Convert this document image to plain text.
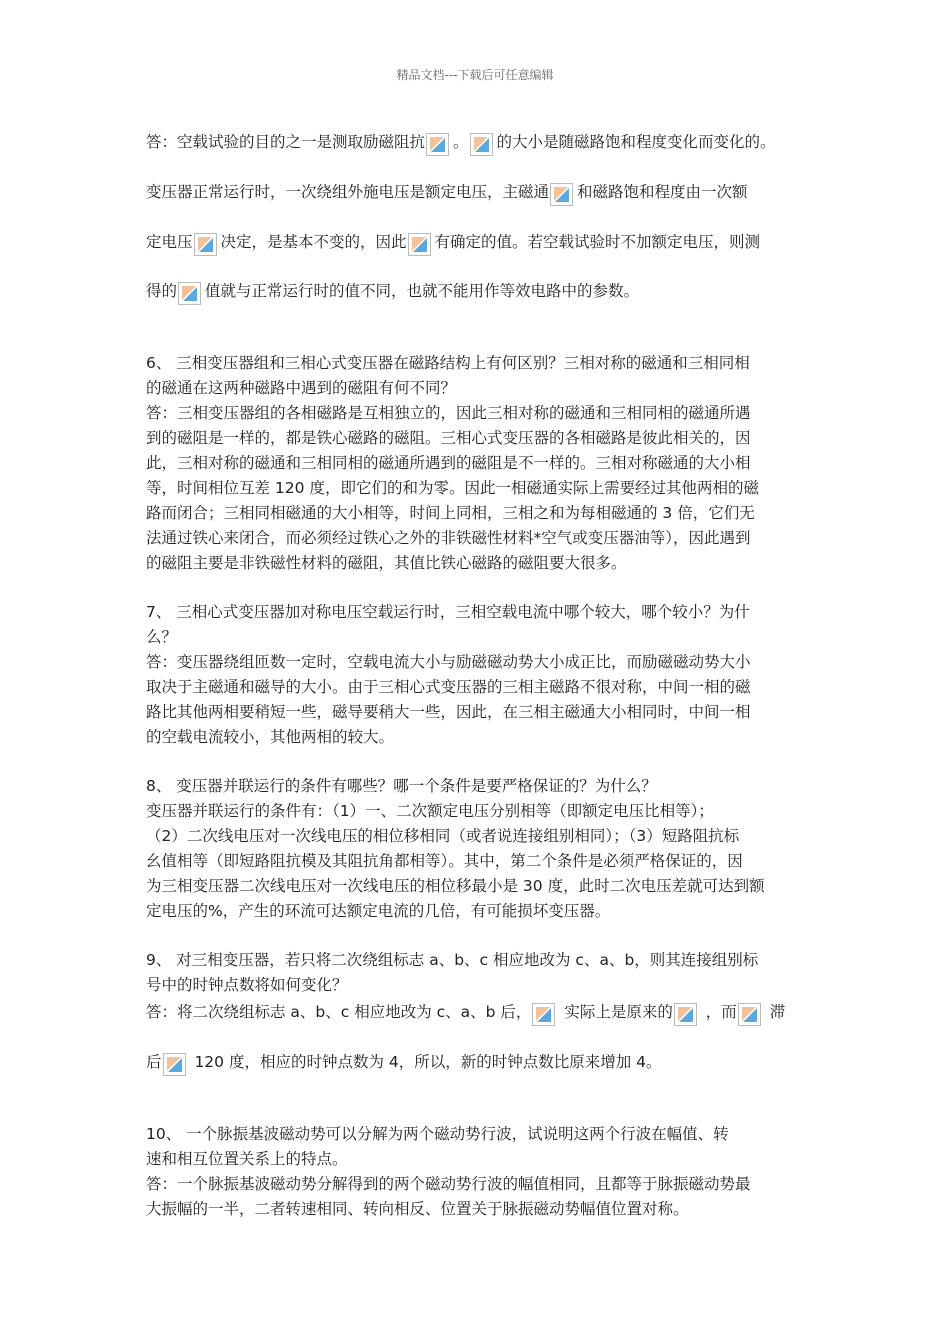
精品文档---下载后可任意编辑
答：空载试验的目的之一是测取励磁阻抗 。 的大小是随磁路饱和程度变化而变化的。
变压器正常运行时，一次绕组外施电压是额定电压，主磁通 和磁路饱和程度由一次额
定电压 决定，是基本不变的，因此 有确定的值。若空载试验时不加额定电压，则测
得的 值就与正常运行时的值不同，也就不能用作等效电路中的参数。
6、 三相变压器组和三相心式变压器在磁路结构上有何区别？三相对称的磁通和三相同相
的磁通在这两种磁路中遇到的磁阻有何不同？
答：三相变压器组的各相磁路是互相独立的，因此三相对称的磁通和三相同相的磁通所遇
到的磁阻是一样的，都是铁心磁路的磁阻。三相心式变压器的各相磁路是彼此相关的，因
此，三相对称的磁通和三相同相的磁通所遇到的磁阻是不一样的。三相对称磁通的大小相
等，时间相位互差 120 度，即它们的和为零。因此一相磁通实际上需要经过其他两相的磁
路而闭合；三相同相磁通的大小相等，时间上同相，三相之和为每相磁通的 3 倍，它们无
法通过铁心来闭合，而必须经过铁心之外的非铁磁性材料*空气或变压器油等），因此遇到
的磁阻主要是非铁磁性材料的磁阻，其值比铁心磁路的磁阻要大很多。
7、 三相心式变压器加对称电压空载运行时，三相空载电流中哪个较大，哪个较小？为什
么？
答：变压器绕组匝数一定时，空载电流大小与励磁磁动势大小成正比，而励磁磁动势大小
取决于主磁通和磁导的大小。由于三相心式变压器的三相主磁路不很对称，中间一相的磁
路比其他两相要稍短一些，磁导要稍大一些，因此，在三相主磁通大小相同时，中间一相
的空载电流较小，其他两相的较大。
8、 变压器并联运行的条件有哪些？哪一个条件是要严格保证的？为什么？
变压器并联运行的条件有：（1）一、二次额定电压分别相等（即额定电压比相等）；
（2）二次线电压对一次线电压的相位移相同（或者说连接组别相同）；（3）短路阻抗标
幺值相等（即短路阻抗模及其阻抗角都相等）。其中，第二个条件是必须严格保证的，因
为三相变压器二次线电压对一次线电压的相位移最小是 30 度，此时二次电压差就可达到额
定电压的%，产生的环流可达额定电流的几倍，有可能损坏变压器。
9、 对三相变压器，若只将二次绕组标志 a、b、c 相应地改为 c、a、b，则其连接组别标
号中的时钟点数将如何变化？
答：将二次绕组标志 a、b、c 相应地改为 c、a、b 后，
实际上是原来的
，而
滞
后
120 度，相应的时钟点数为 4，所以，新的时钟点数比原来增加 4。
10、 一个脉振基波磁动势可以分解为两个磁动势行波，试说明这两个行波在幅值、转
速和相互位置关系上的特点。
答：一个脉振基波磁动势分解得到的两个磁动势行波的幅值相同，且都等于脉振磁动势最
大振幅的一半，二者转速相同、转向相反、位置关于脉振磁动势幅值位置对称。
